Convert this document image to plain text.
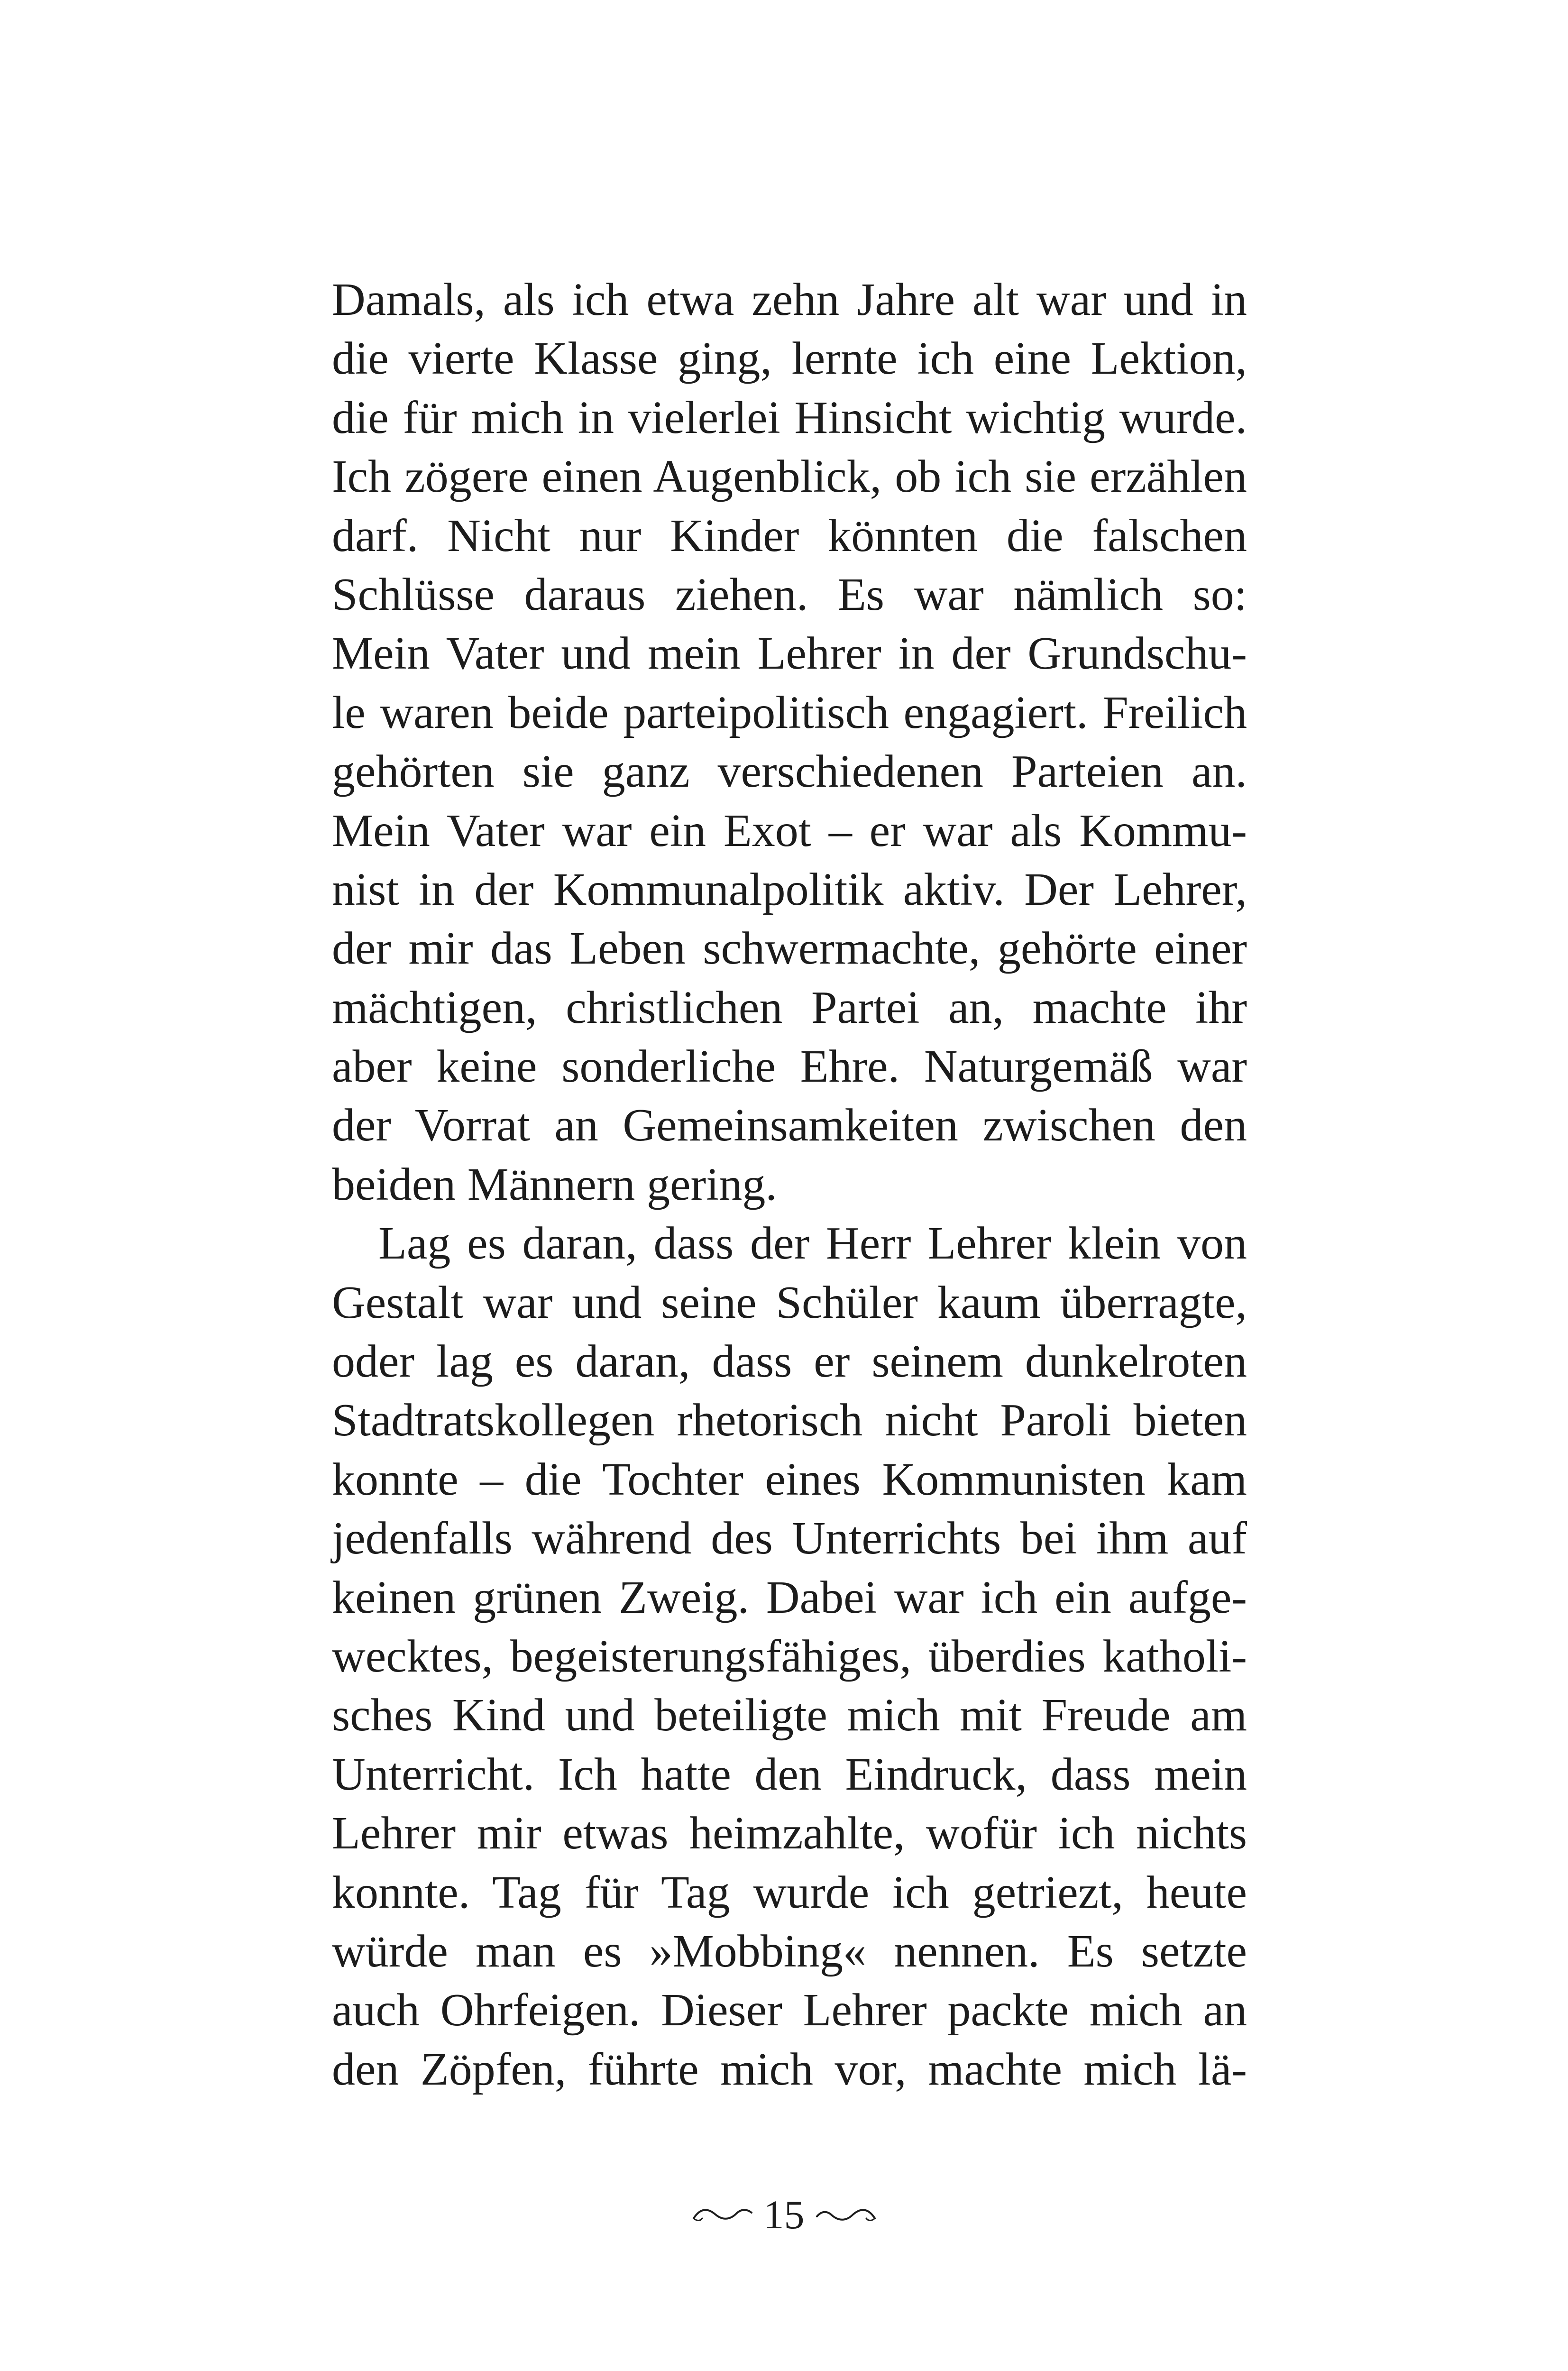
Damals, als ich etwa zehn Jahre alt war und in
die vierte Klasse ging, lernte ich eine Lektion,
die für mich in vielerlei Hinsicht wichtig wurde.
Ich zögere einen Augenblick, ob ich sie erzählen
darf. Nicht nur Kinder könnten die falschen
Schlüsse daraus ziehen. Es war nämlich so:
Mein Vater und mein Lehrer in der Grundschu-
le waren beide parteipolitisch engagiert. Freilich
gehörten sie ganz verschiedenen Parteien an.
Mein Vater war ein Exot – er war als Kommu-
nist in der Kommunalpolitik aktiv. Der Lehrer,
der mir das Leben schwermachte, gehörte einer
mächtigen, christlichen Partei an, machte ihr
aber keine sonderliche Ehre. Naturgemäß war
der Vorrat an Gemeinsamkeiten zwischen den
beiden Männern gering.
Lag es daran, dass der Herr Lehrer klein von
Gestalt war und seine Schüler kaum überragte,
oder lag es daran, dass er seinem dunkelroten
Stadtratskollegen rhetorisch nicht Paroli bieten
konnte – die Tochter eines Kommunisten kam
jedenfalls während des Unterrichts bei ihm auf
keinen grünen Zweig. Dabei war ich ein aufge-
wecktes, begeisterungsfähiges, überdies katholi-
sches Kind und beteiligte mich mit Freude am
Unterricht. Ich hatte den Eindruck, dass mein
Lehrer mir etwas heimzahlte, wofür ich nichts
konnte. Tag für Tag wurde ich getriezt, heute
würde man es »Mobbing« nennen. Es setzte
auch Ohrfeigen. Dieser Lehrer packte mich an
den Zöpfen, führte mich vor, machte mich lä-
15
